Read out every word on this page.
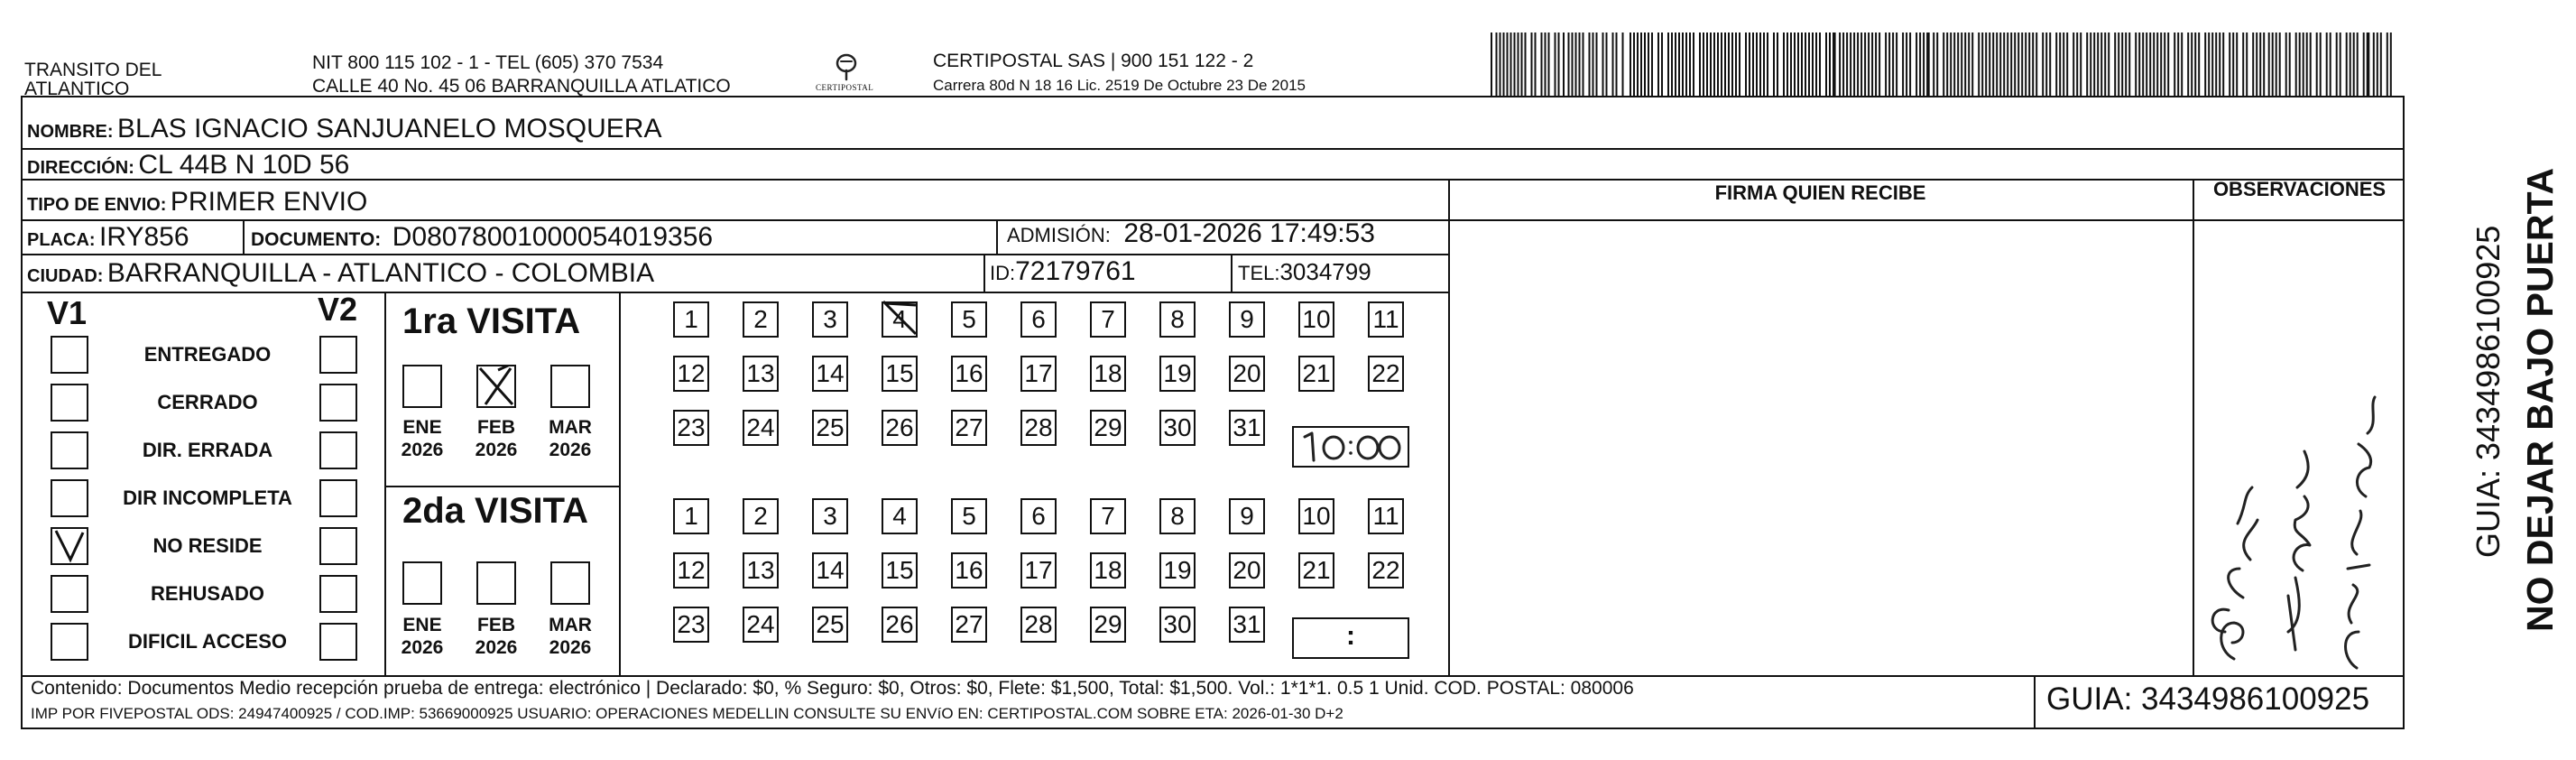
TRANSITO DEL
ATLANTICO
NIT 800 115 102 - 1 - TEL (605) 370 7534
CALLE 40 No. 45 06 BARRANQUILLA ATLATICO	CERTIPOSTAL
CERTIPOSTAL SAS | 900 151 122 - 2
Carrera 80d N 18 16 Lic. 2519 De Octubre 23 De 2015
NOMBRE: BLAS IGNACIO SANJUANELO MOSQUERA
DIRECCIÓN: CL 44B N 10D 56
TIPO DE ENVIO: PRIMER ENVIO
PLACA: IRY856	DOCUMENTO: D08078001000054019356	ADMISIÓN: 28-01-2026 17:49:53
CIUDAD: BARRANQUILLA - ATLANTICO - COLOMBIA	ID:72179761	TEL:3034799
FIRMA QUIEN RECIBE	OBSERVACIONES
V1	V2
ENTREGADO
CERRADO
DIR. ERRADA
DIR INCOMPLETA
NO RESIDE
REHUSADO
DIFICIL ACCESO
1ra VISITA
ENE
2026
FEB
2026
MAR
2026
1	2	3	4	5	6	7	8	9	10 11
12 13 14 15 16 17 18 19 20 21 22
23 24 25 26 27 28 29 30 31
2da VISITA
ENE
2026
FEB
2026
MAR
2026
1	2	3	4	5	6	7	8	9	10 11
12 13 14 15 16 17 18 19 20 21 22
23 24 25 26 27 28 29 30 31	:
Contenido: Documentos Medio recepción prueba de entrega: electrónico | Declarado: $0, % Seguro: $0, Otros: $0, Flete: $1,500, Total: $1,500. Vol.: 1*1*1. 0.5 1 Unid. COD. POSTAL: 080006
IMP POR FIVEPOSTAL ODS: 24947400925 / COD.IMP: 53669000925 USUARIO: OPERACIONES MEDELLIN CONSULTE SU ENVíO EN: CERTIPOSTAL.COM SOBRE ETA: 2026-01-30 D+2	GUIA: 3434986100925
NO DEJAR BAJO PUERTA
GUIA: 3434986100925
